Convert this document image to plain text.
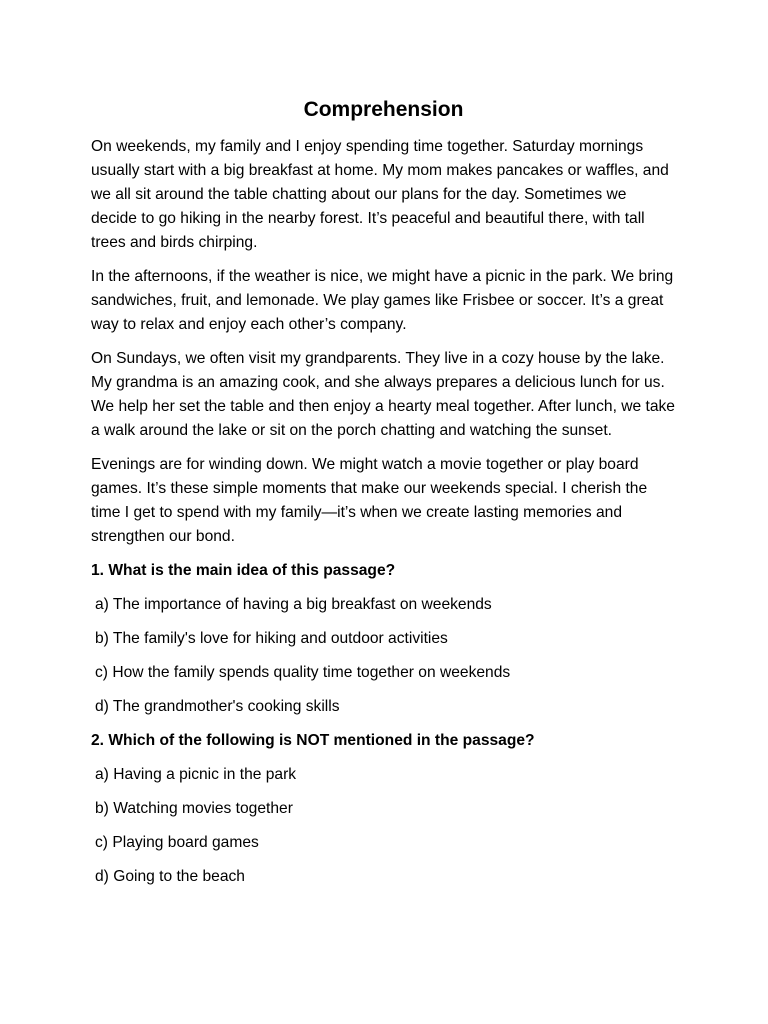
Comprehension

On weekends, my family and I enjoy spending time together. Saturday mornings usually start with a big breakfast at home. My mom makes pancakes or waffles, and we all sit around the table chatting about our plans for the day. Sometimes we decide to go hiking in the nearby forest. It’s peaceful and beautiful there, with tall trees and birds chirping.

In the afternoons, if the weather is nice, we might have a picnic in the park. We bring sandwiches, fruit, and lemonade. We play games like Frisbee or soccer. It’s a great way to relax and enjoy each other’s company.

On Sundays, we often visit my grandparents. They live in a cozy house by the lake. My grandma is an amazing cook, and she always prepares a delicious lunch for us. We help her set the table and then enjoy a hearty meal together. After lunch, we take a walk around the lake or sit on the porch chatting and watching the sunset.

Evenings are for winding down. We might watch a movie together or play board games. It’s these simple moments that make our weekends special. I cherish the time I get to spend with my family—it’s when we create lasting memories and strengthen our bond.

1. What is the main idea of this passage?

a) The importance of having a big breakfast on weekends
b) The family's love for hiking and outdoor activities
c) How the family spends quality time together on weekends
d) The grandmother's cooking skills

2. Which of the following is NOT mentioned in the passage?

a) Having a picnic in the park
b) Watching movies together
c) Playing board games
d) Going to the beach
